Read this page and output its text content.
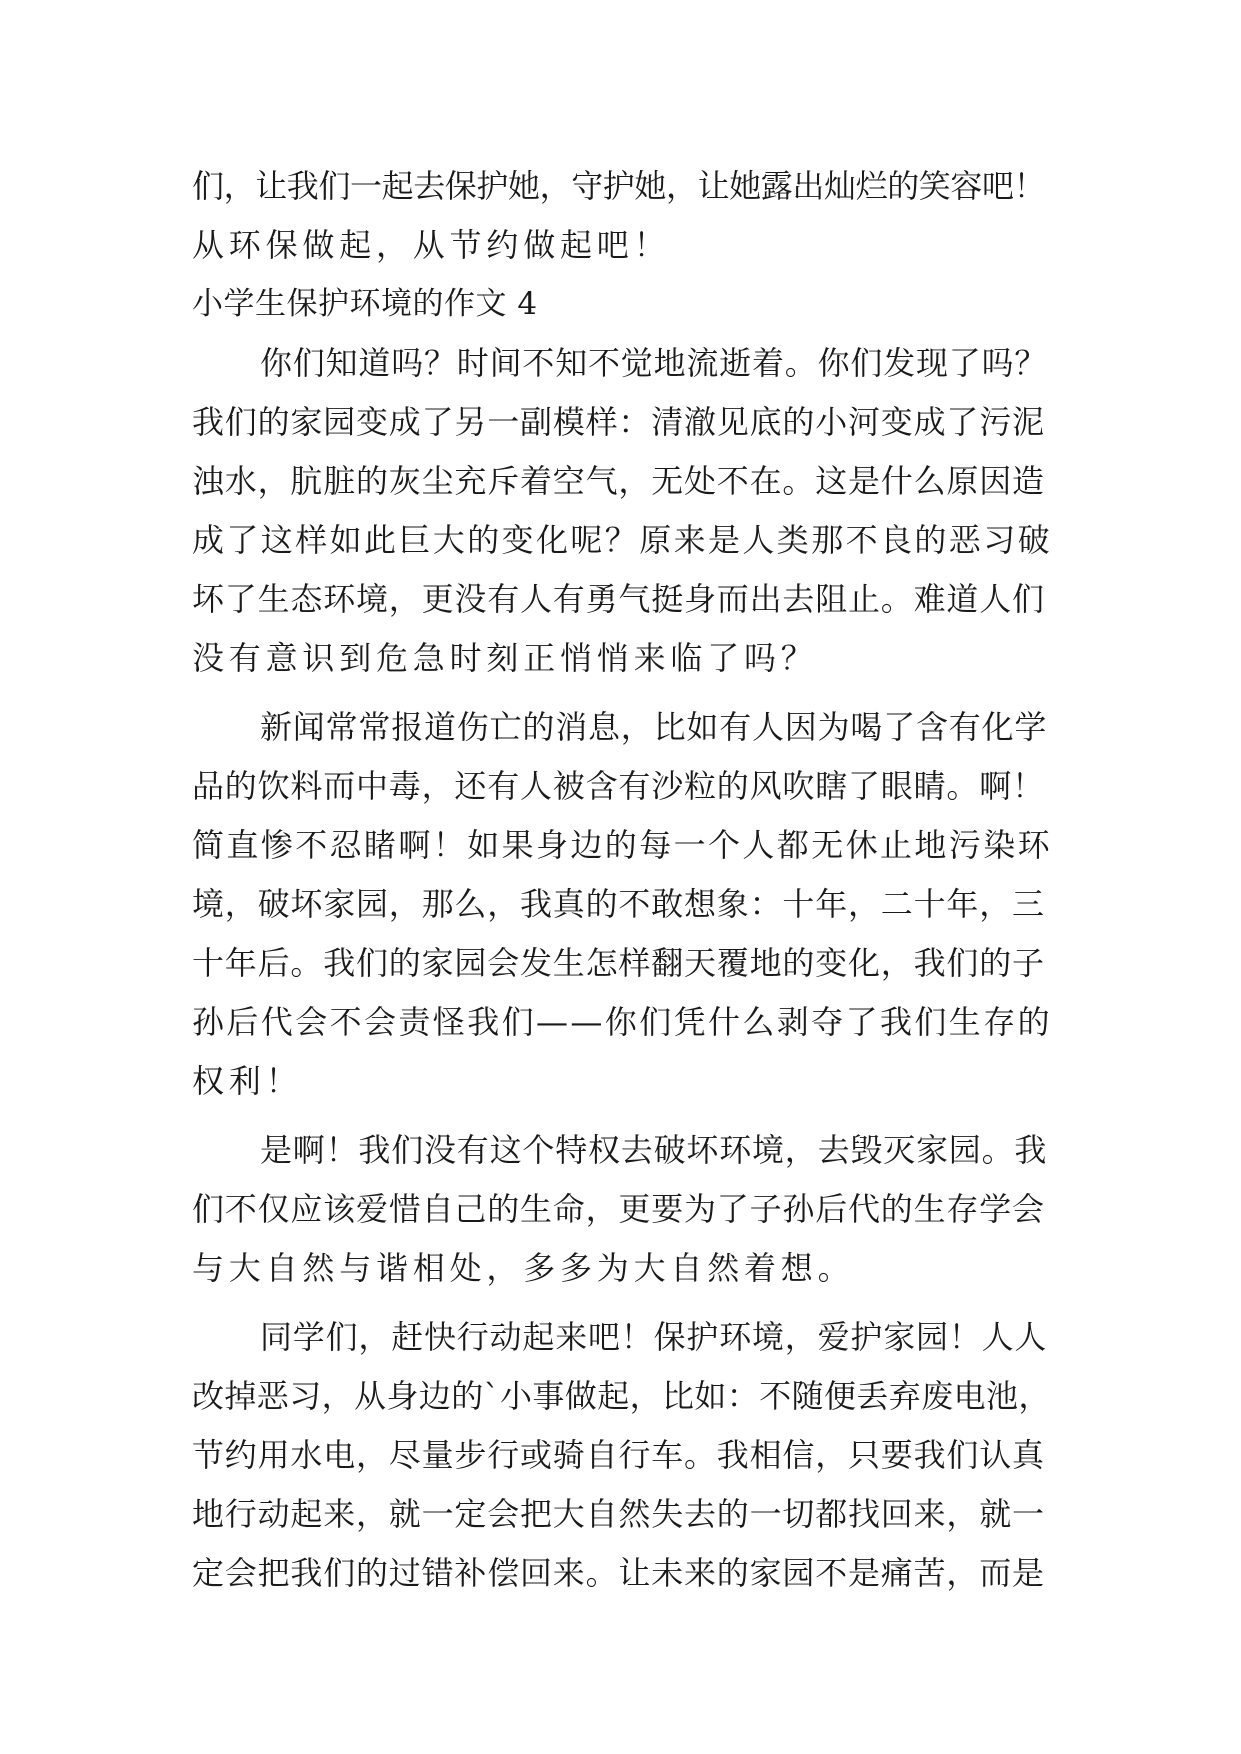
们，让我们一起去保护她，守护她，让她露出灿烂的笑容吧！
从环保做起，从节约做起吧！
小学生保护环境的作文 4
你们知道吗？时间不知不觉地流逝着。你们发现了吗？
我们的家园变成了另一副模样：清澈见底的小河变成了污泥
浊水，肮脏的灰尘充斥着空气，无处不在。这是什么原因造
成了这样如此巨大的变化呢？原来是人类那不良的恶习破
坏了生态环境，更没有人有勇气挺身而出去阻止。难道人们
没有意识到危急时刻正悄悄来临了吗？
新闻常常报道伤亡的消息，比如有人因为喝了含有化学
品的饮料而中毒，还有人被含有沙粒的风吹瞎了眼睛。啊！
简直惨不忍睹啊！如果身边的每一个人都无休止地污染环
境，破坏家园，那么，我真的不敢想象：十年，二十年，三
十年后。我们的家园会发生怎样翻天覆地的变化，我们的子
孙后代会不会责怪我们——你们凭什么剥夺了我们生存的
权利！
是啊！我们没有这个特权去破坏环境，去毁灭家园。我
们不仅应该爱惜自己的生命，更要为了子孙后代的生存学会
与大自然与谐相处，多多为大自然着想。
同学们，赶快行动起来吧！保护环境，爱护家园！人人
改掉恶习，从身边的`小事做起，比如：不随便丢弃废电池，
节约用水电，尽量步行或骑自行车。我相信，只要我们认真
地行动起来，就一定会把大自然失去的一切都找回来，就一
定会把我们的过错补偿回来。让未来的家园不是痛苦，而是
